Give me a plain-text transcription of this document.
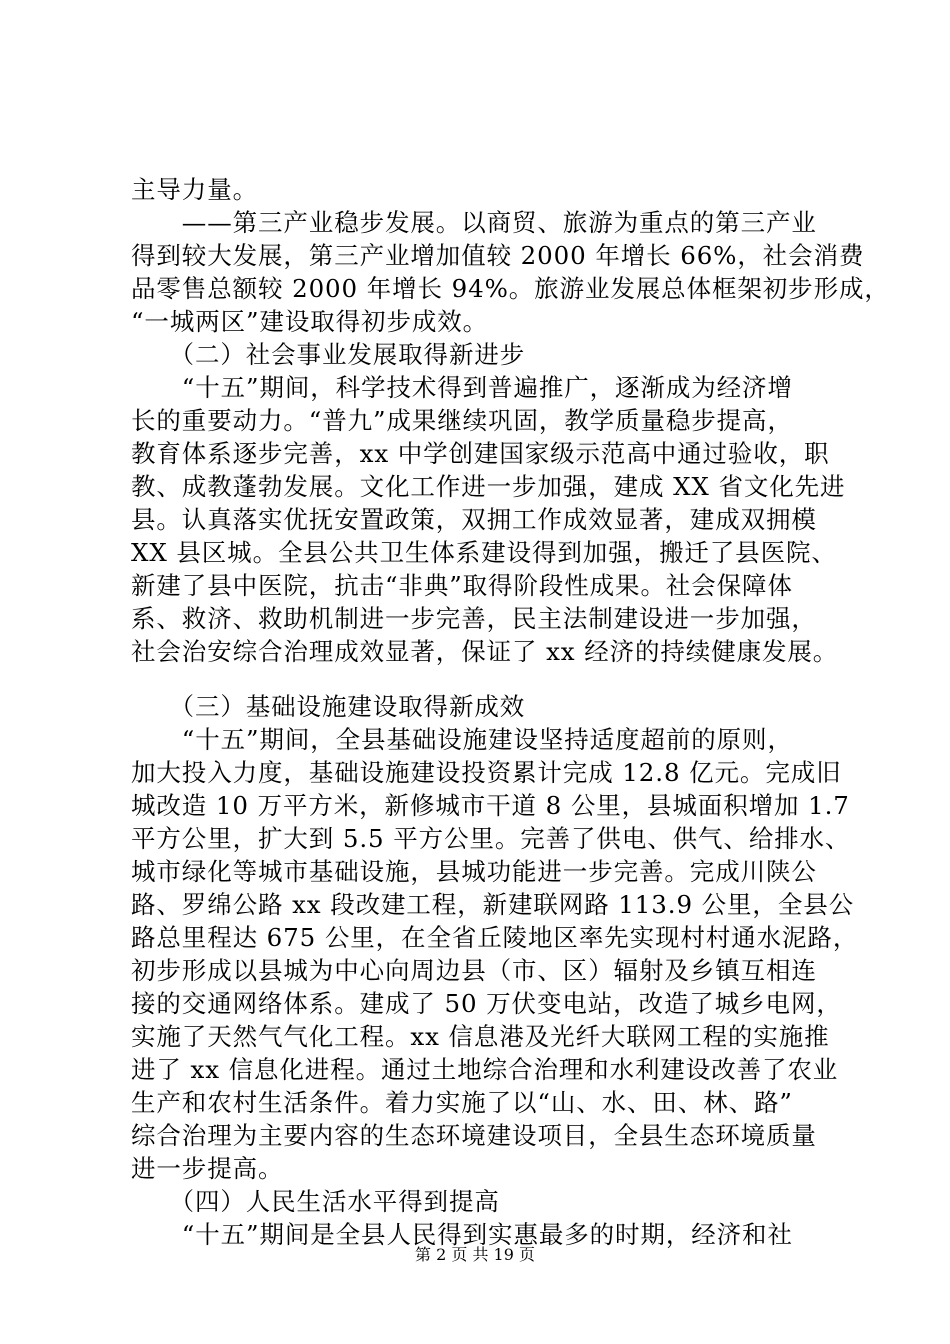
主导力量。
　　——第三产业稳步发展。以商贸、旅游为重点的第三产业
得到较大发展，第三产业增加值较 2000 年增长 66%，社会消费
品零售总额较 2000 年增长 94%。旅游业发展总体框架初步形成，
“一城两区”建设取得初步成效。
　　（二）社会事业发展取得新进步
　　“十五”期间，科学技术得到普遍推广，逐渐成为经济增
长的重要动力。“普九”成果继续巩固，教学质量稳步提高，
教育体系逐步完善，xx 中学创建国家级示范高中通过验收，职
教、成教蓬勃发展。文化工作进一步加强，建成 XX 省文化先进
县。认真落实优抚安置政策，双拥工作成效显著，建成双拥模
XX 县区城。全县公共卫生体系建设得到加强，搬迁了县医院、
新建了县中医院，抗击“非典”取得阶段性成果。社会保障体
系、救济、救助机制进一步完善，民主法制建设进一步加强，
社会治安综合治理成效显著，保证了 xx 经济的持续健康发展。
　　（三）基础设施建设取得新成效
　　“十五”期间，全县基础设施建设坚持适度超前的原则，
加大投入力度，基础设施建设投资累计完成 12.8 亿元。完成旧
城改造 10 万平方米，新修城市干道 8 公里，县城面积增加 1.7
平方公里，扩大到 5.5 平方公里。完善了供电、供气、给排水、
城市绿化等城市基础设施，县城功能进一步完善。完成川陕公
路、罗绵公路 xx 段改建工程，新建联网路 113.9 公里，全县公
路总里程达 675 公里，在全省丘陵地区率先实现村村通水泥路，
初步形成以县城为中心向周边县（市、区）辐射及乡镇互相连
接的交通网络体系。建成了 50 万伏变电站，改造了城乡电网，
实施了天然气气化工程。xx 信息港及光纤大联网工程的实施推
进了 xx 信息化进程。通过土地综合治理和水利建设改善了农业
生产和农村生活条件。着力实施了以“山、水、田、林、路”
综合治理为主要内容的生态环境建设项目，全县生态环境质量
进一步提高。
　　（四）人民生活水平得到提高
　　“十五”期间是全县人民得到实惠最多的时期，经济和社
第 2 页 共 19 页
